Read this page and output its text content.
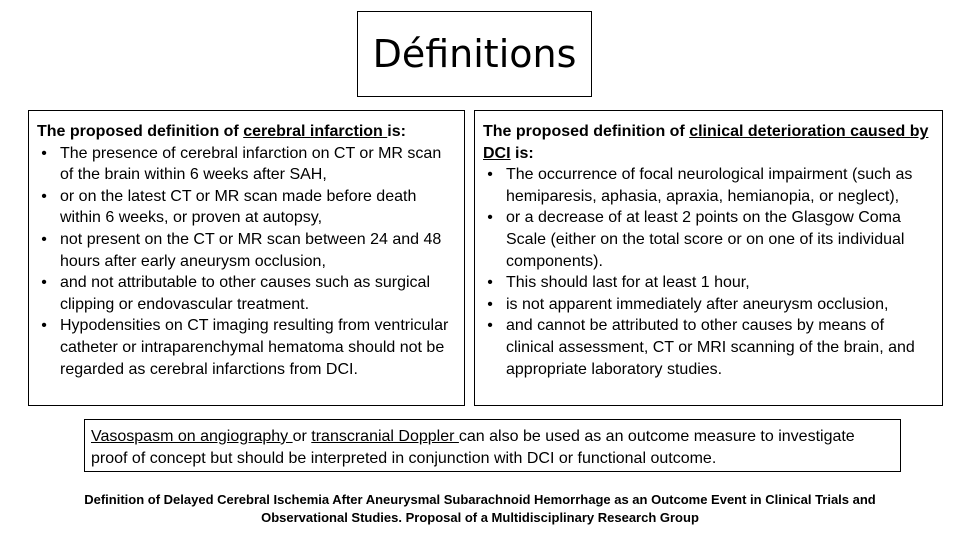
Définitions

The proposed definition of cerebral infarction is:

• The presence of cerebral infarction on CT or MR scan of the brain within 6 weeks after SAH,
• or on the latest CT or MR scan made before death within 6 weeks, or proven at autopsy,
• not present on the CT or MR scan between 24 and 48 hours after early aneurysm occlusion,
• and not attributable to other causes such as surgical clipping or endovascular treatment.
• Hypodensities on CT imaging resulting from ventricular catheter or intraparenchymal hematoma should not be regarded as cerebral infarctions from DCI.

The proposed definition of clinical deterioration caused by DCI is:

• The occurrence of focal neurological impairment (such as hemiparesis, aphasia, apraxia, hemianopia, or neglect),
• or a decrease of at least 2 points on the Glasgow Coma Scale (either on the total score or on one of its individual components).
• This should last for at least 1 hour,
• is not apparent immediately after aneurysm occlusion,
• and cannot be attributed to other causes by means of clinical assessment, CT or MRI scanning of the brain, and appropriate laboratory studies.
Vasospasm on angiography or transcranial Doppler can also be used as an outcome measure to investigate proof of concept but should be interpreted in conjunction with DCI or functional outcome.
Definition of Delayed Cerebral Ischemia After Aneurysmal Subarachnoid Hemorrhage as an Outcome Event in Clinical Trials and
Observational Studies. Proposal of a Multidisciplinary Research Group
